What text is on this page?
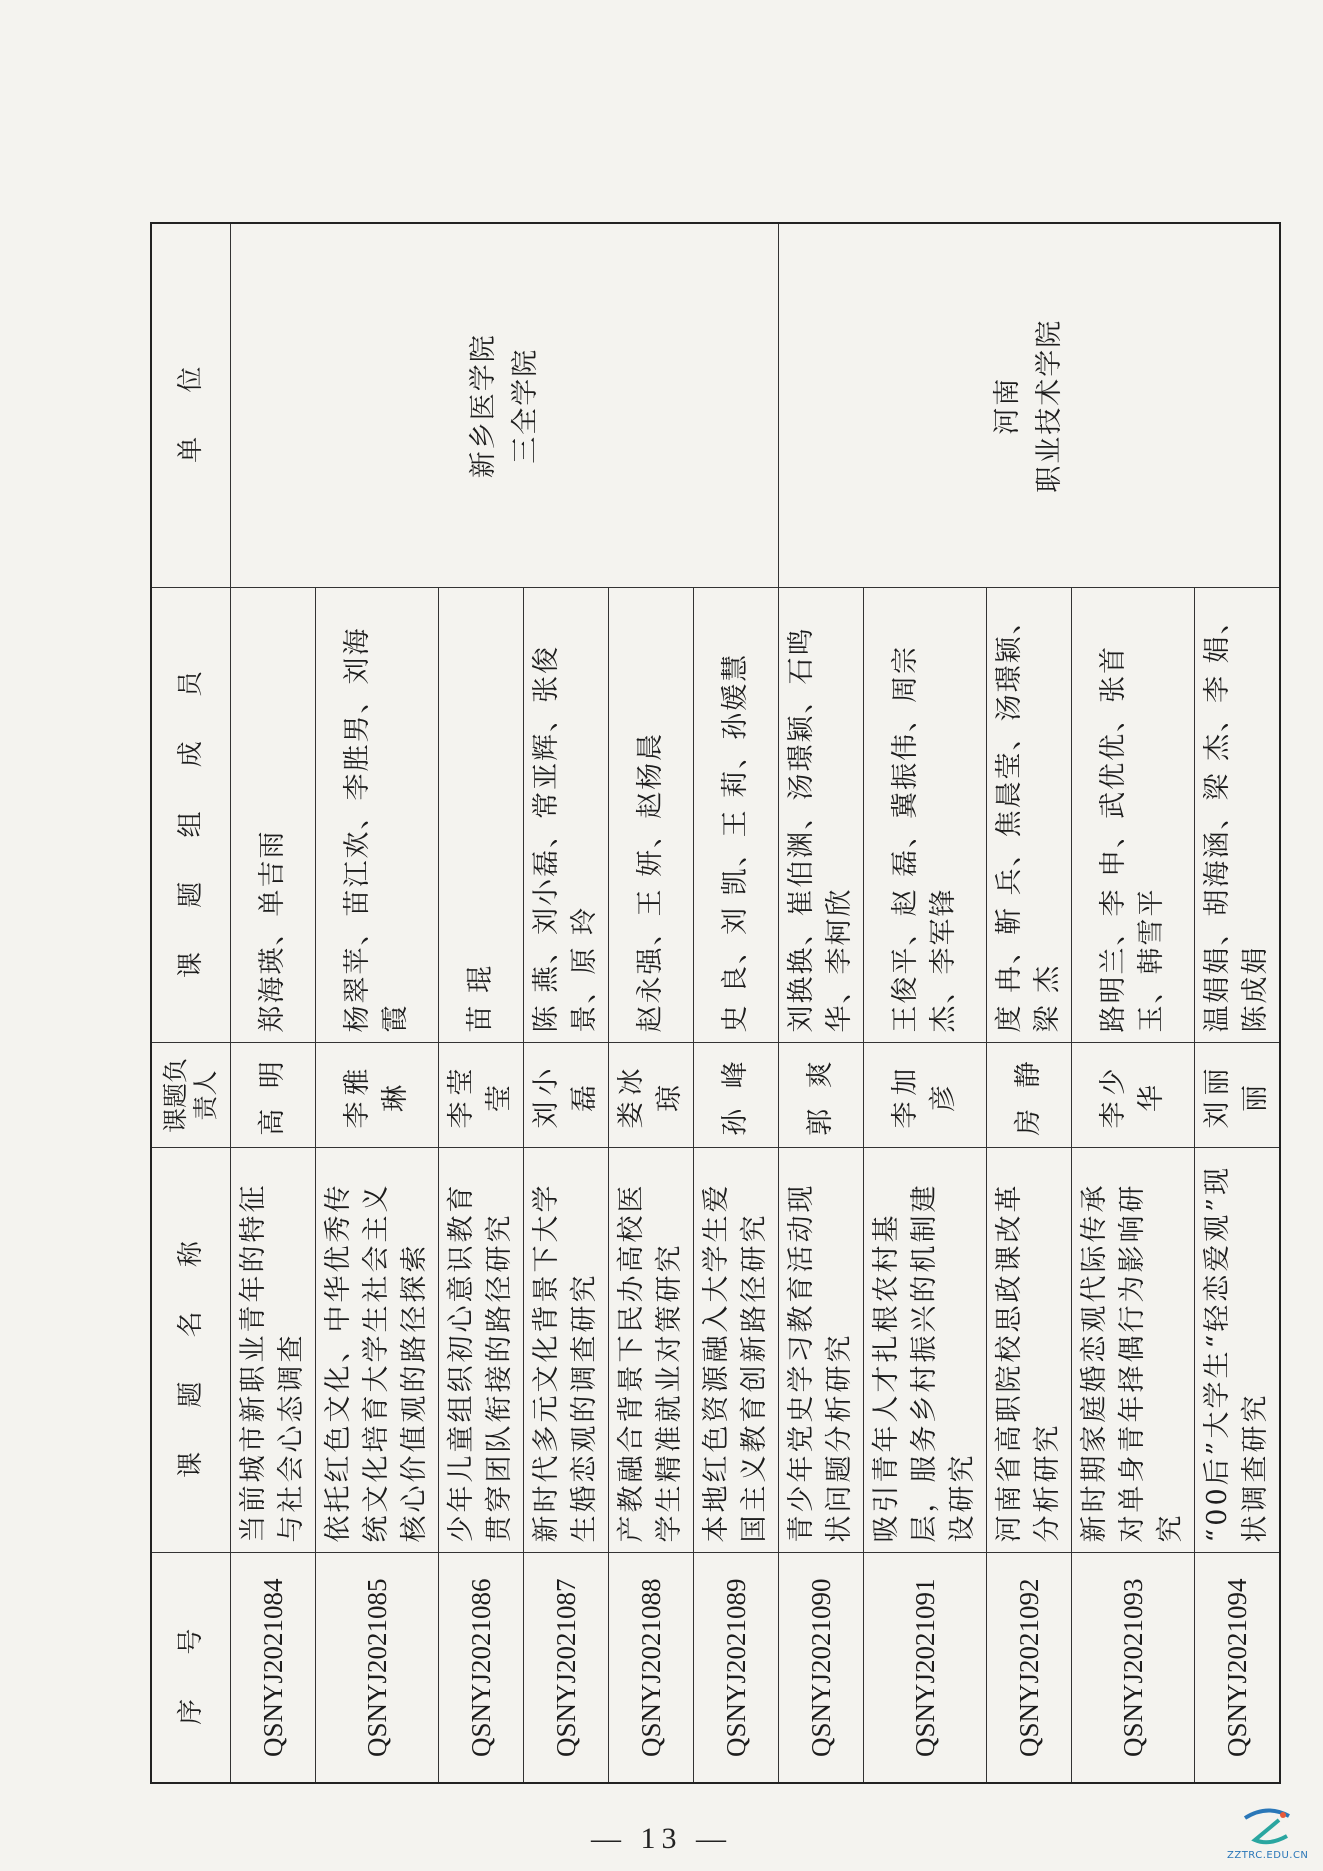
序 号	课 题 名 称	课题负责人	课 题 组 成 员	单 位
QSNYJ2021084	当前城市新职业青年的特征与社会心态调查	高 明	郑海瑛、单吉雨	新乡医学院 三全学院

QSNYJ2021085	依托红色文化、中华优秀传统文化培育大学生社会主义核心价值观的路径探索	李雅琳	杨翠苹、苗江欢、李胜男、刘海霞	
QSNYJ2021086	少年儿童组织初心意识教育贯穿团队衔接的路径研究	李莹莹	苗 琨	
QSNYJ2021087	新时代多元文化背景下大学生婚恋观的调查研究	刘小磊	陈 燕、刘小磊、常亚辉、张俊景、原 玲	
QSNYJ2021088	产教融合背景下民办高校医学生精准就业对策研究	娄冰琼	赵永强、王 妍、赵杨晨	
QSNYJ2021089	本地红色资源融入大学生爱国主义教育创新路径研究	孙 峰	史 良、刘 凯、王 莉、孙媛慧	
QSNYJ2021090	青少年党史学习教育活动现状问题分析研究	郭 爽	刘换换、崔伯渊、汤璟颖、石鸣华、李柯欣	河南 职业技术学院

QSNYJ2021091	吸引青年人才扎根农村基层，服务乡村振兴的机制建设研究	李加彦	王俊平、赵 磊、冀振伟、周宗杰、李军锋	
QSNYJ2021092	河南省高职院校思政课改革分析研究	房 静	度 冉、靳 兵、焦晨莹、汤璟颖、梁 杰	
QSNYJ2021093	新时期家庭婚恋观代际传承对单身青年择偶行为影响研究	李少华	路明兰、李 申、武优优、张首玉、韩雪平	
QSNYJ2021094	“00后”大学生“轻恋爱观”现状调查研究	刘丽丽	温娟娟、胡海涵、梁 杰、李 娟、陈成娟	
— 13 —
ZZTRC.EDU.CN
